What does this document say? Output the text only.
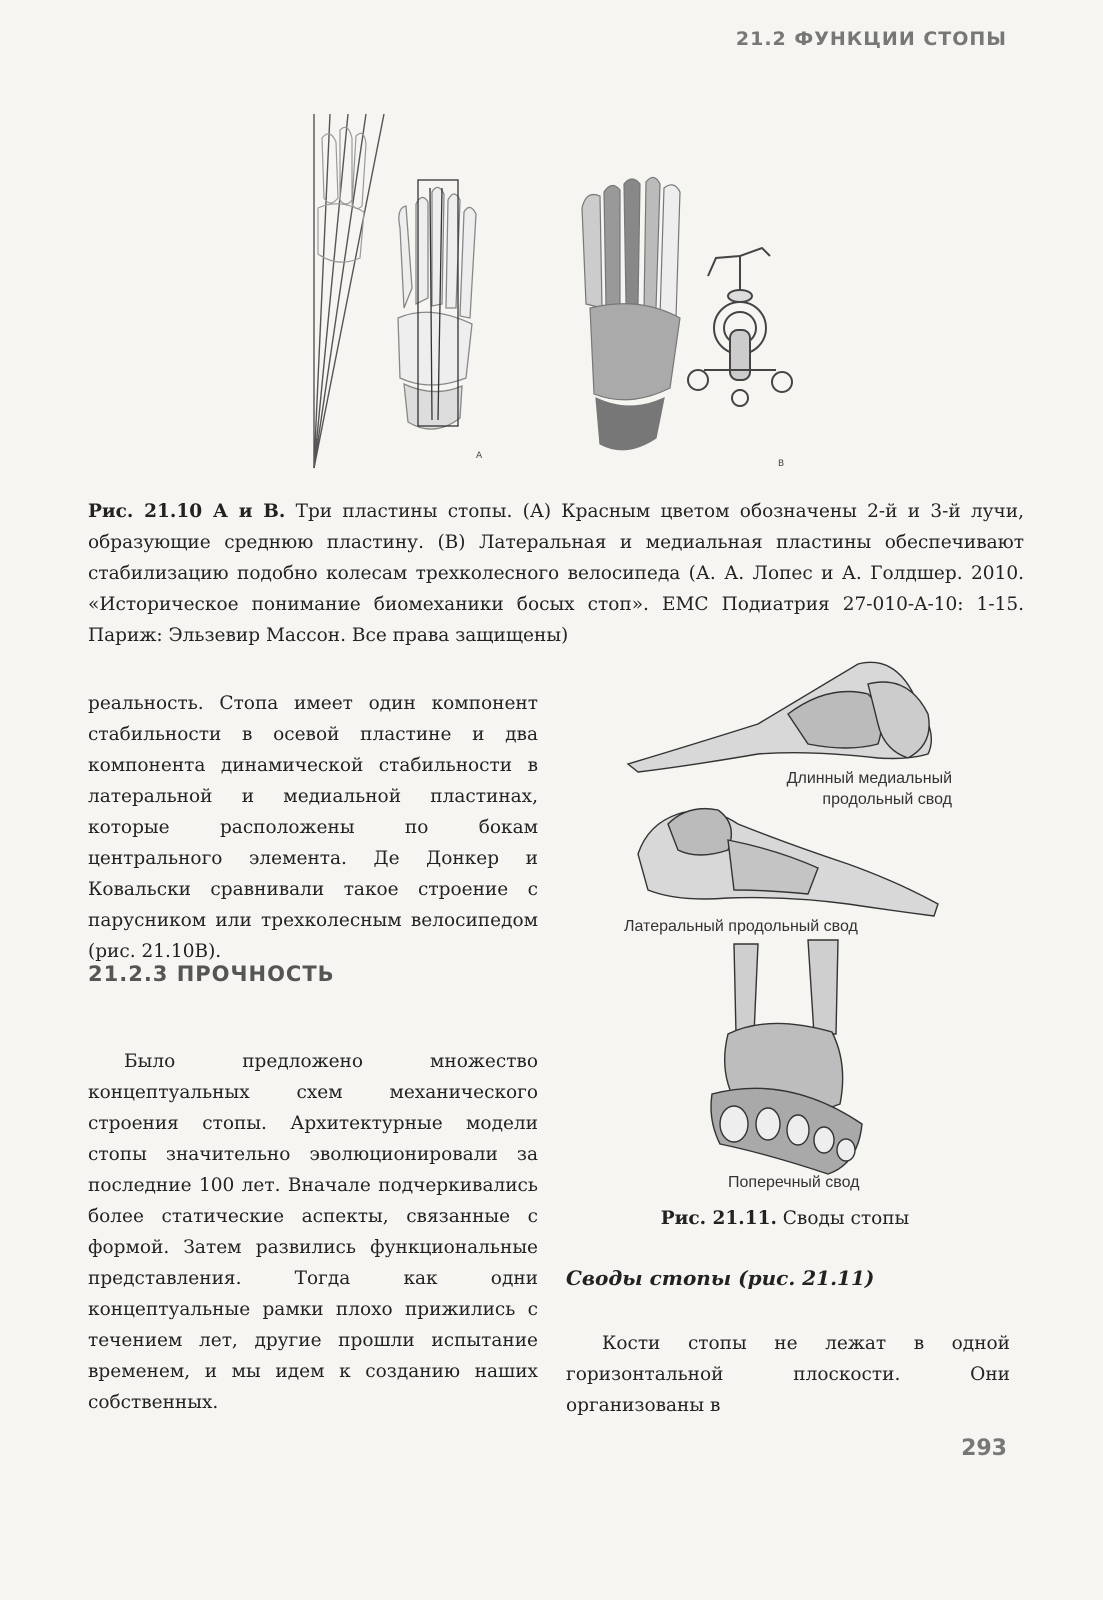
21.2 ФУНКЦИИ СТОПЫ
A
B

Рис. 21.10 А и В. Три пластины стопы. (А) Красным цветом обозначены 2-й и 3-й лучи, образующие среднюю пластину. (В) Латеральная и медиальная пластины обеспечивают стабилизацию подобно колесам трехколесного велосипеда (А. А. Лопес и А. Голдшер. 2010. «Историческое понимание биомеханики босых стоп». EMC Подиатрия 27-010-A-10: 1-15. Париж: Эльзевир Массон. Все права защищены)

реальность. Стопа имеет один компонент стабильности в осевой пластине и два компонента динамической стабильности в латеральной и медиальной пластинах, которые расположены по бокам центрального элемента. Де Донкер и Ковальски сравнивали такое строение с парусником или трехколесным велосипедом (рис. 21.10B).

21.2.3 ПРОЧНОСТЬ

Было предложено множество концептуальных схем механического строения стопы. Архитектурные модели стопы значительно эволюционировали за последние 100 лет. Вначале подчеркивались более статические аспекты, связанные с формой. Затем развились функциональные представления. Тогда как одни концептуальные рамки плохо прижились с течением лет, другие прошли испытание временем, и мы идем к созданию наших собственных.

Длинный медиальный
продольный свод
Латеральный продольный свод
Поперечный свод

Рис. 21.11. Своды стопы

Своды стопы (рис. 21.11)

Кости стопы не лежат в одной горизонтальной плоскости. Они организованы в

293
